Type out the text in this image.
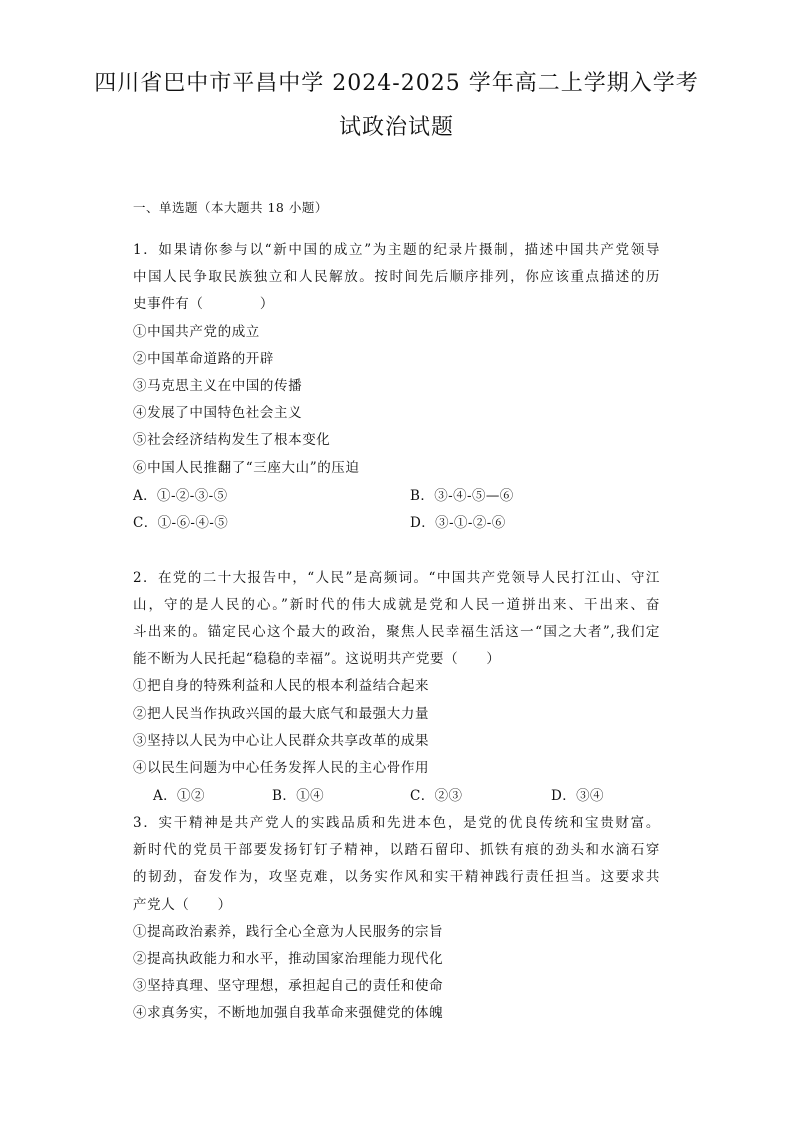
四川省巴中市平昌中学 2024-2025 学年高二上学期入学考
试政治试题
一、单选题（本大题共 18 小题）
1．如果请你参与以“新中国的成立”为主题的纪录片摄制，描述中国共产党领导
中国人民争取民族独立和人民解放。按时间先后顺序排列，你应该重点描述的历
史事件有（　　　　）
①中国共产党的成立
②中国革命道路的开辟
③马克思主义在中国的传播
④发展了中国特色社会主义
⑤社会经济结构发生了根本变化
⑥中国人民推翻了“三座大山”的压迫
A．①-②-③-⑤	B．③-④-⑤—⑥
C．①-⑥-④-⑤	D．③-①-②-⑥
2．在党的二十大报告中，“人民”是高频词。“中国共产党领导人民打江山、守江
山，守的是人民的心。”新时代的伟大成就是党和人民一道拼出来、干出来、奋
斗出来的。锚定民心这个最大的政治，聚焦人民幸福生活这一“国之大者”,我们定
能不断为人民托起“稳稳的幸福”。这说明共产党要（　　）
①把自身的特殊利益和人民的根本利益结合起来
②把人民当作执政兴国的最大底气和最强大力量
③坚持以人民为中心让人民群众共享改革的成果
④以民生问题为中心任务发挥人民的主心骨作用
A．①②	B．①④	C．②③	D．③④
3．实干精神是共产党人的实践品质和先进本色，是党的优良传统和宝贵财富。
新时代的党员干部要发扬钉钉子精神，以踏石留印、抓铁有痕的劲头和水滴石穿
的韧劲，奋发作为，攻坚克难，以务实作风和实干精神践行责任担当。这要求共
产党人（　　）
①提高政治素养，践行全心全意为人民服务的宗旨
②提高执政能力和水平，推动国家治理能力现代化
③坚持真理、坚守理想，承担起自己的责任和使命
④求真务实，不断地加强自我革命来强健党的体魄
